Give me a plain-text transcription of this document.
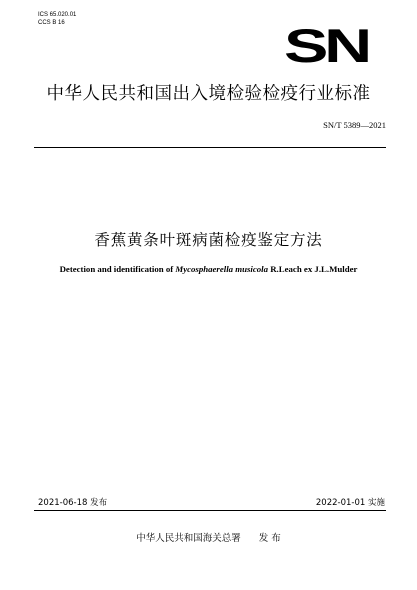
ICS 65.020.01
CCS B 16	SN
中华人民共和国出入境检验检疫行业标准
SN/T 5389—2021
香蕉黄条叶斑病菌检疫鉴定方法
Detection and identification of Mycosphaerella musicola R.Leach ex J.L.Mulder
2021-06-18 发布	2022-01-01 实施
中华人民共和国海关总署 发 布
